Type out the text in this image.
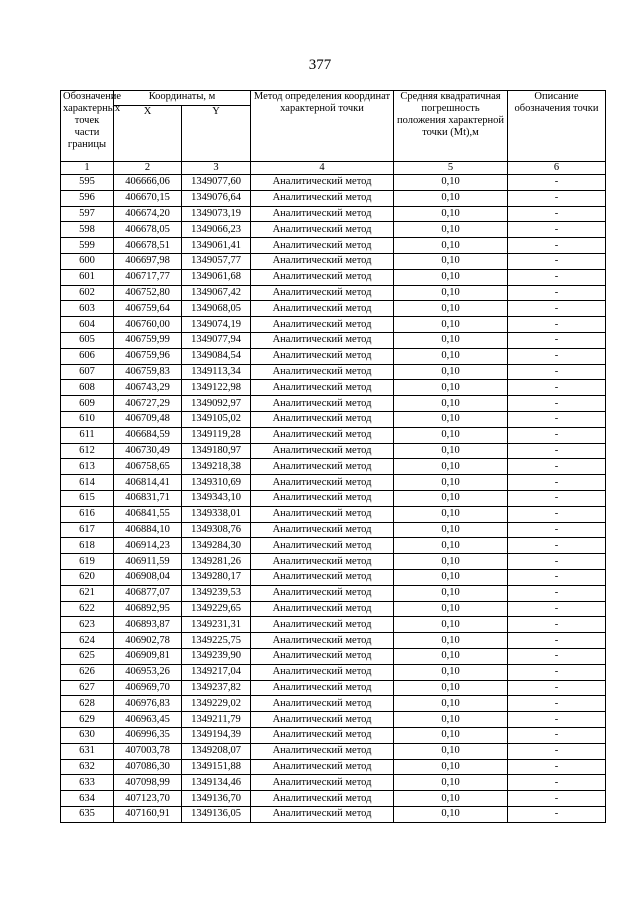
377
Обозначение характерных точек части границы	Координаты, м		Метод определения координат характерной точки	Средняя квадратичная погрешность положения характерной точки (Mt),м	Описание обозначения точки
	X	Y			
1	2	3	4	5	6
595	406666,06	1349077,60	Аналитический метод	0,10	-
596	406670,15	1349076,64	Аналитический метод	0,10	-
597	406674,20	1349073,19	Аналитический метод	0,10	-
598	406678,05	1349066,23	Аналитический метод	0,10	-
599	406678,51	1349061,41	Аналитический метод	0,10	-
600	406697,98	1349057,77	Аналитический метод	0,10	-
601	406717,77	1349061,68	Аналитический метод	0,10	-
602	406752,80	1349067,42	Аналитический метод	0,10	-
603	406759,64	1349068,05	Аналитический метод	0,10	-
604	406760,00	1349074,19	Аналитический метод	0,10	-
605	406759,99	1349077,94	Аналитический метод	0,10	-
606	406759,96	1349084,54	Аналитический метод	0,10	-
607	406759,83	1349113,34	Аналитический метод	0,10	-
608	406743,29	1349122,98	Аналитический метод	0,10	-
609	406727,29	1349092,97	Аналитический метод	0,10	-
610	406709,48	1349105,02	Аналитический метод	0,10	-
611	406684,59	1349119,28	Аналитический метод	0,10	-
612	406730,49	1349180,97	Аналитический метод	0,10	-
613	406758,65	1349218,38	Аналитический метод	0,10	-
614	406814,41	1349310,69	Аналитический метод	0,10	-
615	406831,71	1349343,10	Аналитический метод	0,10	-
616	406841,55	1349338,01	Аналитический метод	0,10	-
617	406884,10	1349308,76	Аналитический метод	0,10	-
618	406914,23	1349284,30	Аналитический метод	0,10	-
619	406911,59	1349281,26	Аналитический метод	0,10	-
620	406908,04	1349280,17	Аналитический метод	0,10	-
621	406877,07	1349239,53	Аналитический метод	0,10	-
622	406892,95	1349229,65	Аналитический метод	0,10	-
623	406893,87	1349231,31	Аналитический метод	0,10	-
624	406902,78	1349225,75	Аналитический метод	0,10	-
625	406909,81	1349239,90	Аналитический метод	0,10	-
626	406953,26	1349217,04	Аналитический метод	0,10	-
627	406969,70	1349237,82	Аналитический метод	0,10	-
628	406976,83	1349229,02	Аналитический метод	0,10	-
629	406963,45	1349211,79	Аналитический метод	0,10	-
630	406996,35	1349194,39	Аналитический метод	0,10	-
631	407003,78	1349208,07	Аналитический метод	0,10	-
632	407086,30	1349151,88	Аналитический метод	0,10	-
633	407098,99	1349134,46	Аналитический метод	0,10	-
634	407123,70	1349136,70	Аналитический метод	0,10	-
635	407160,91	1349136,05	Аналитический метод	0,10	-
